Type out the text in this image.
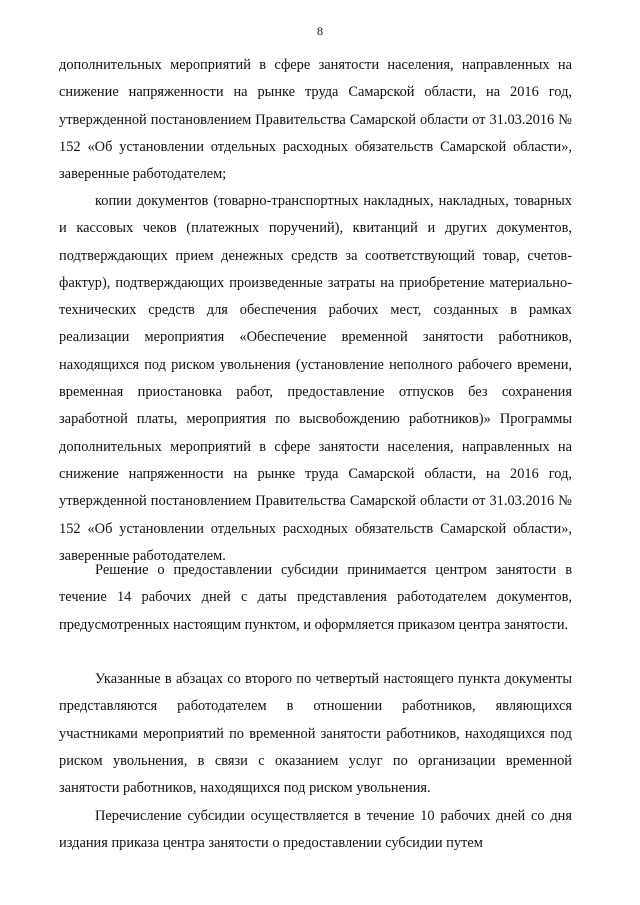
8

дополнительных мероприятий в сфере занятости населения, направленных на снижение напряженности на рынке труда Самарской области, на 2016 год, утвержденной постановлением Правительства Самарской области от 31.03.2016 № 152 «Об установлении отдельных расходных обязательств Самарской области», заверенные работодателем;

копии документов (товарно-транспортных накладных, накладных, товарных и кассовых чеков (платежных поручений), квитанций и других документов, подтверждающих прием денежных средств за соответствующий товар, счетов-фактур), подтверждающих произведенные затраты на приобретение материально-технических средств для обеспечения рабочих мест, созданных в рамках реализации мероприятия «Обеспечение временной занятости работников, находящихся под риском увольнения (установление неполного рабочего времени, временная приостановка работ, предоставление отпусков без сохранения заработной платы, мероприятия по высвобождению работников)» Программы дополнительных мероприятий в сфере занятости населения, направленных на снижение напряженности на рынке труда Самарской области, на 2016 год, утвержденной постановлением Правительства Самарской области от 31.03.2016 № 152 «Об установлении отдельных расходных обязательств Самарской области», заверенные работодателем.

Решение о предоставлении субсидии принимается центром занятости в течение 14 рабочих дней с даты представления работодателем документов, предусмотренных настоящим пунктом, и оформляется приказом центра занятости.

Указанные в абзацах со второго по четвертый настоящего пункта документы представляются работодателем в отношении работников, являющихся участниками мероприятий по временной занятости работников, находящихся под риском увольнения, в связи с оказанием услуг по организации временной занятости работников, находящихся под риском увольнения.

Перечисление субсидии осуществляется в течение 10 рабочих дней со дня издания приказа центра занятости о предоставлении субсидии путем
